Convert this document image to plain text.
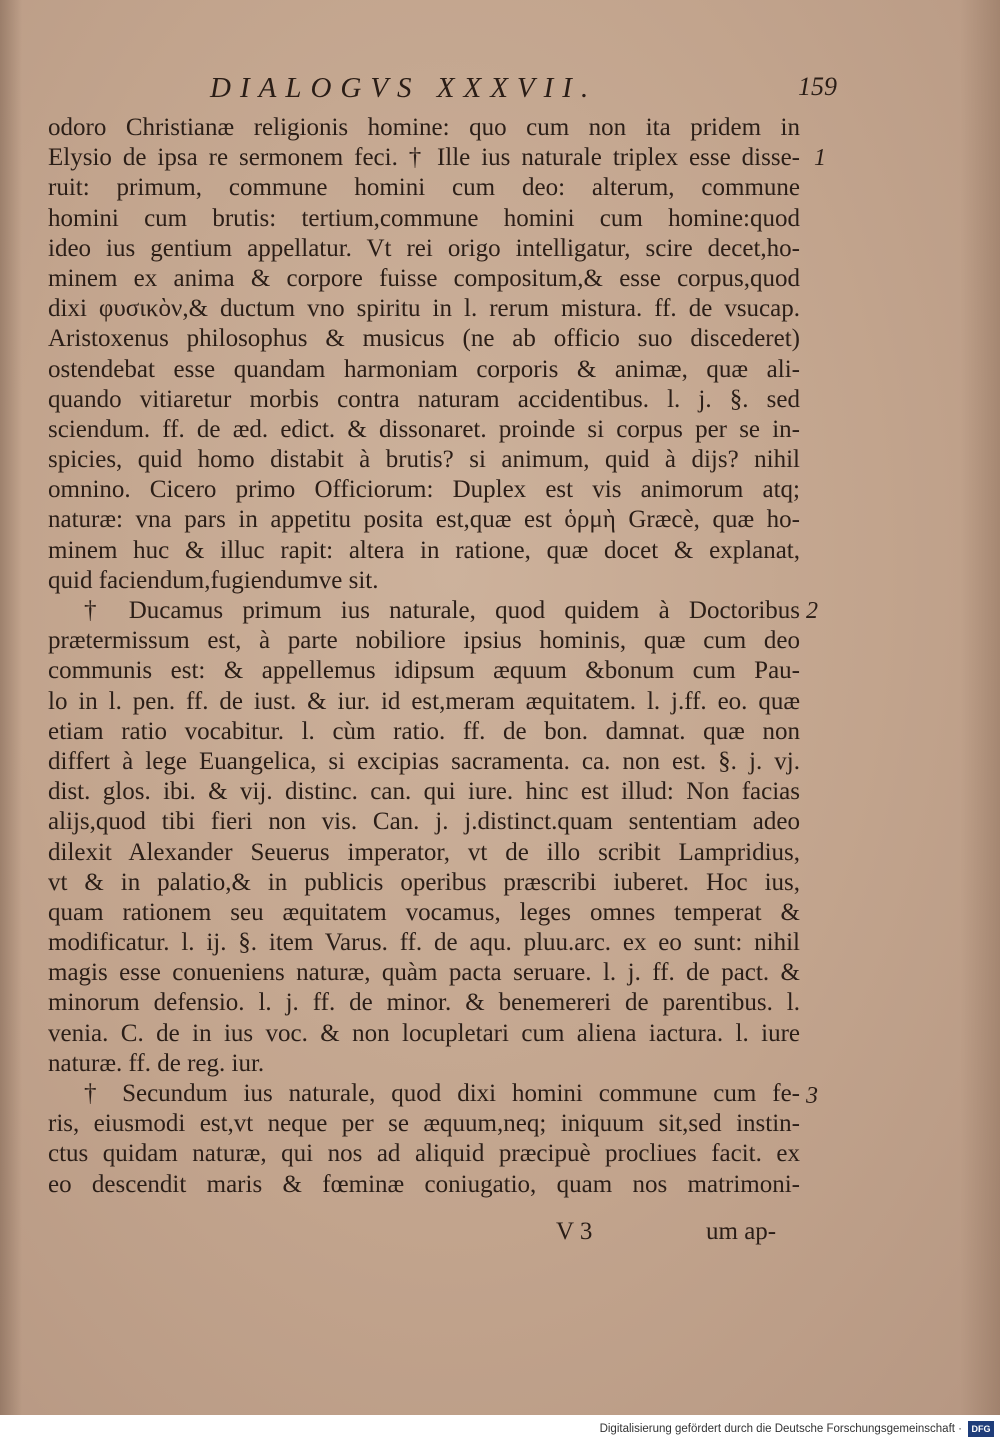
DIALOGVS XXXVII.	159
odoro Christianæ religionis homine: quo cum non ita pridem in
Elysio de ipsa re sermonem feci. † Ille ius naturale triplex esse disse-
ruit: primum, commune homini cum deo: alterum, commune
homini cum brutis: tertium,commune homini cum homine:quod
ideo ius gentium appellatur. Vt rei origo intelligatur, scire decet,ho-
minem ex anima & corpore fuisse compositum,& esse corpus,quod
dixi φυσικὸν,& ductum vno spiritu in l. rerum mistura. ff. de vsucap.
Aristoxenus philosophus & musicus (ne ab officio suo discederet)
ostendebat esse quandam harmoniam corporis & animæ, quæ ali-
quando vitiaretur morbis contra naturam accidentibus. l. j. §. sed
sciendum. ff. de æd. edict. & dissonaret. proinde si corpus per se in-
spicies, quid homo distabit à brutis? si animum, quid à dijs? nihil
omnino. Cicero primo Officiorum: Duplex est vis animorum atq;
naturæ: vna pars in appetitu posita est,quæ est ὁρμὴ Græcè, quæ ho-
minem huc & illuc rapit: altera in ratione, quæ docet & explanat,
quid faciendum,fugiendumve sit.
† Ducamus primum ius naturale, quod quidem à Doctoribus
prætermissum est, à parte nobiliore ipsius hominis, quæ cum deo
communis est: & appellemus idipsum æquum &bonum cum Pau-
lo in l. pen. ff. de iust. & iur. id est,meram æquitatem. l. j.ff. eo. quæ
etiam ratio vocabitur. l. cùm ratio. ff. de bon. damnat. quæ non
differt à lege Euangelica, si excipias sacramenta. ca. non est. §. j. vj.
dist. glos. ibi. & vij. distinc. can. qui iure. hinc est illud: Non facias
alijs,quod tibi fieri non vis. Can. j. j.distinct.quam sententiam adeo
dilexit Alexander Seuerus imperator, vt de illo scribit Lampridius,
vt & in palatio,& in publicis operibus præscribi iuberet. Hoc ius,
quam rationem seu æquitatem vocamus, leges omnes temperat &
modificatur. l. ij. §. item Varus. ff. de aqu. pluu.arc. ex eo sunt: nihil
magis esse conueniens naturæ, quàm pacta seruare. l. j. ff. de pact. &
minorum defensio. l. j. ff. de minor. & benemereri de parentibus. l.
venia. C. de in ius voc. & non locupletari cum aliena iactura. l. iure
naturæ. ff. de reg. iur.
† Secundum ius naturale, quod dixi homini commune cum fe-
ris, eiusmodi est,vt neque per se æquum,neq; iniquum sit,sed instin-
ctus quidam naturæ, qui nos ad aliquid præcipuè procliues facit. ex
eo descendit maris & fœminæ coniugatio, quam nos matrimoni-
1
2
3
V 3	um ap-
Digitalisierung gefördert durch die Deutsche Forschungsgemeinschaft ·	DFG
